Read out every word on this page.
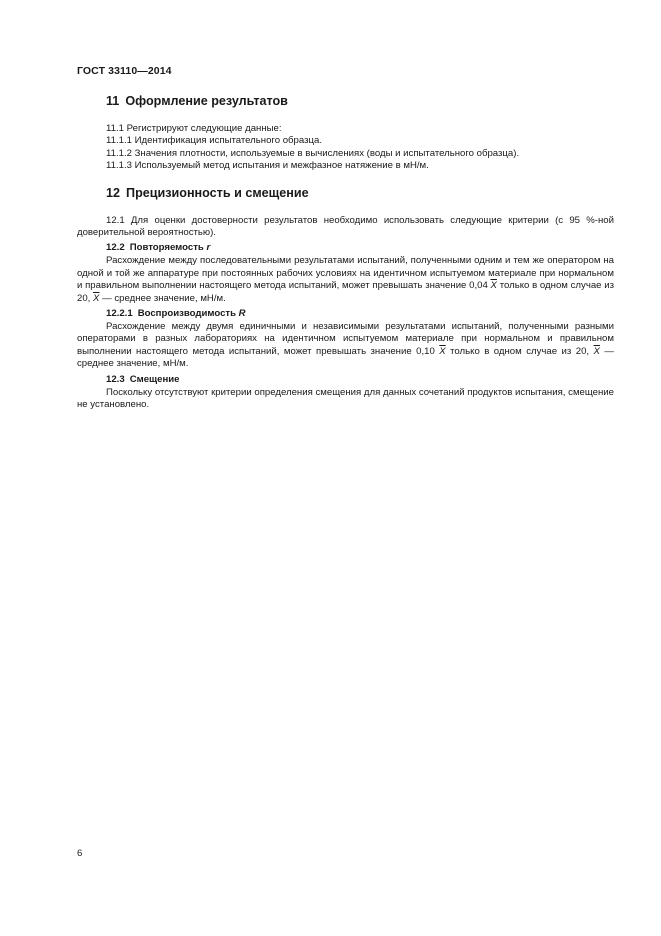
ГОСТ 33110—2014
11 Оформление результатов

11.1 Регистрируют следующие данные:

11.1.1 Идентификация испытательного образца.

11.1.2 Значения плотности, используемые в вычислениях (воды и испытательного образца).

11.1.3 Используемый метод испытания и межфазное натяжение в мН/м.

12 Прецизионность и смещение

12.1 Для оценки достоверности результатов необходимо использовать следующие критерии (с 95 %-ной доверительной вероятностью).

12.2 Повторяемость r

Расхождение между последовательными результатами испытаний, полученными одним и тем же оператором на одной и той же аппаратуре при постоянных рабочих условиях на идентичном испытуемом материале при нормальном и правильном выполнении настоящего метода испытаний, может превышать значение 0,04 $\overline{X}$ только в одном случае из 20, $\overline{X}$ — среднее значение, мН/м.

12.2.1 Воспроизводимость R

Расхождение между двумя единичными и независимыми результатами испытаний, полученными разными операторами в разных лабораториях на идентичном испытуемом материале при нормальном и правильном выполнении настоящего метода испытаний, может превышать значение 0,10 $\overline{X}$ только в одном случае из 20, $\overline{X}$ — среднее значение, мН/м.

12.3 Смещение

Поскольку отсутствуют критерии определения смещения для данных сочетаний продуктов испытания, смещение не установлено.

6
